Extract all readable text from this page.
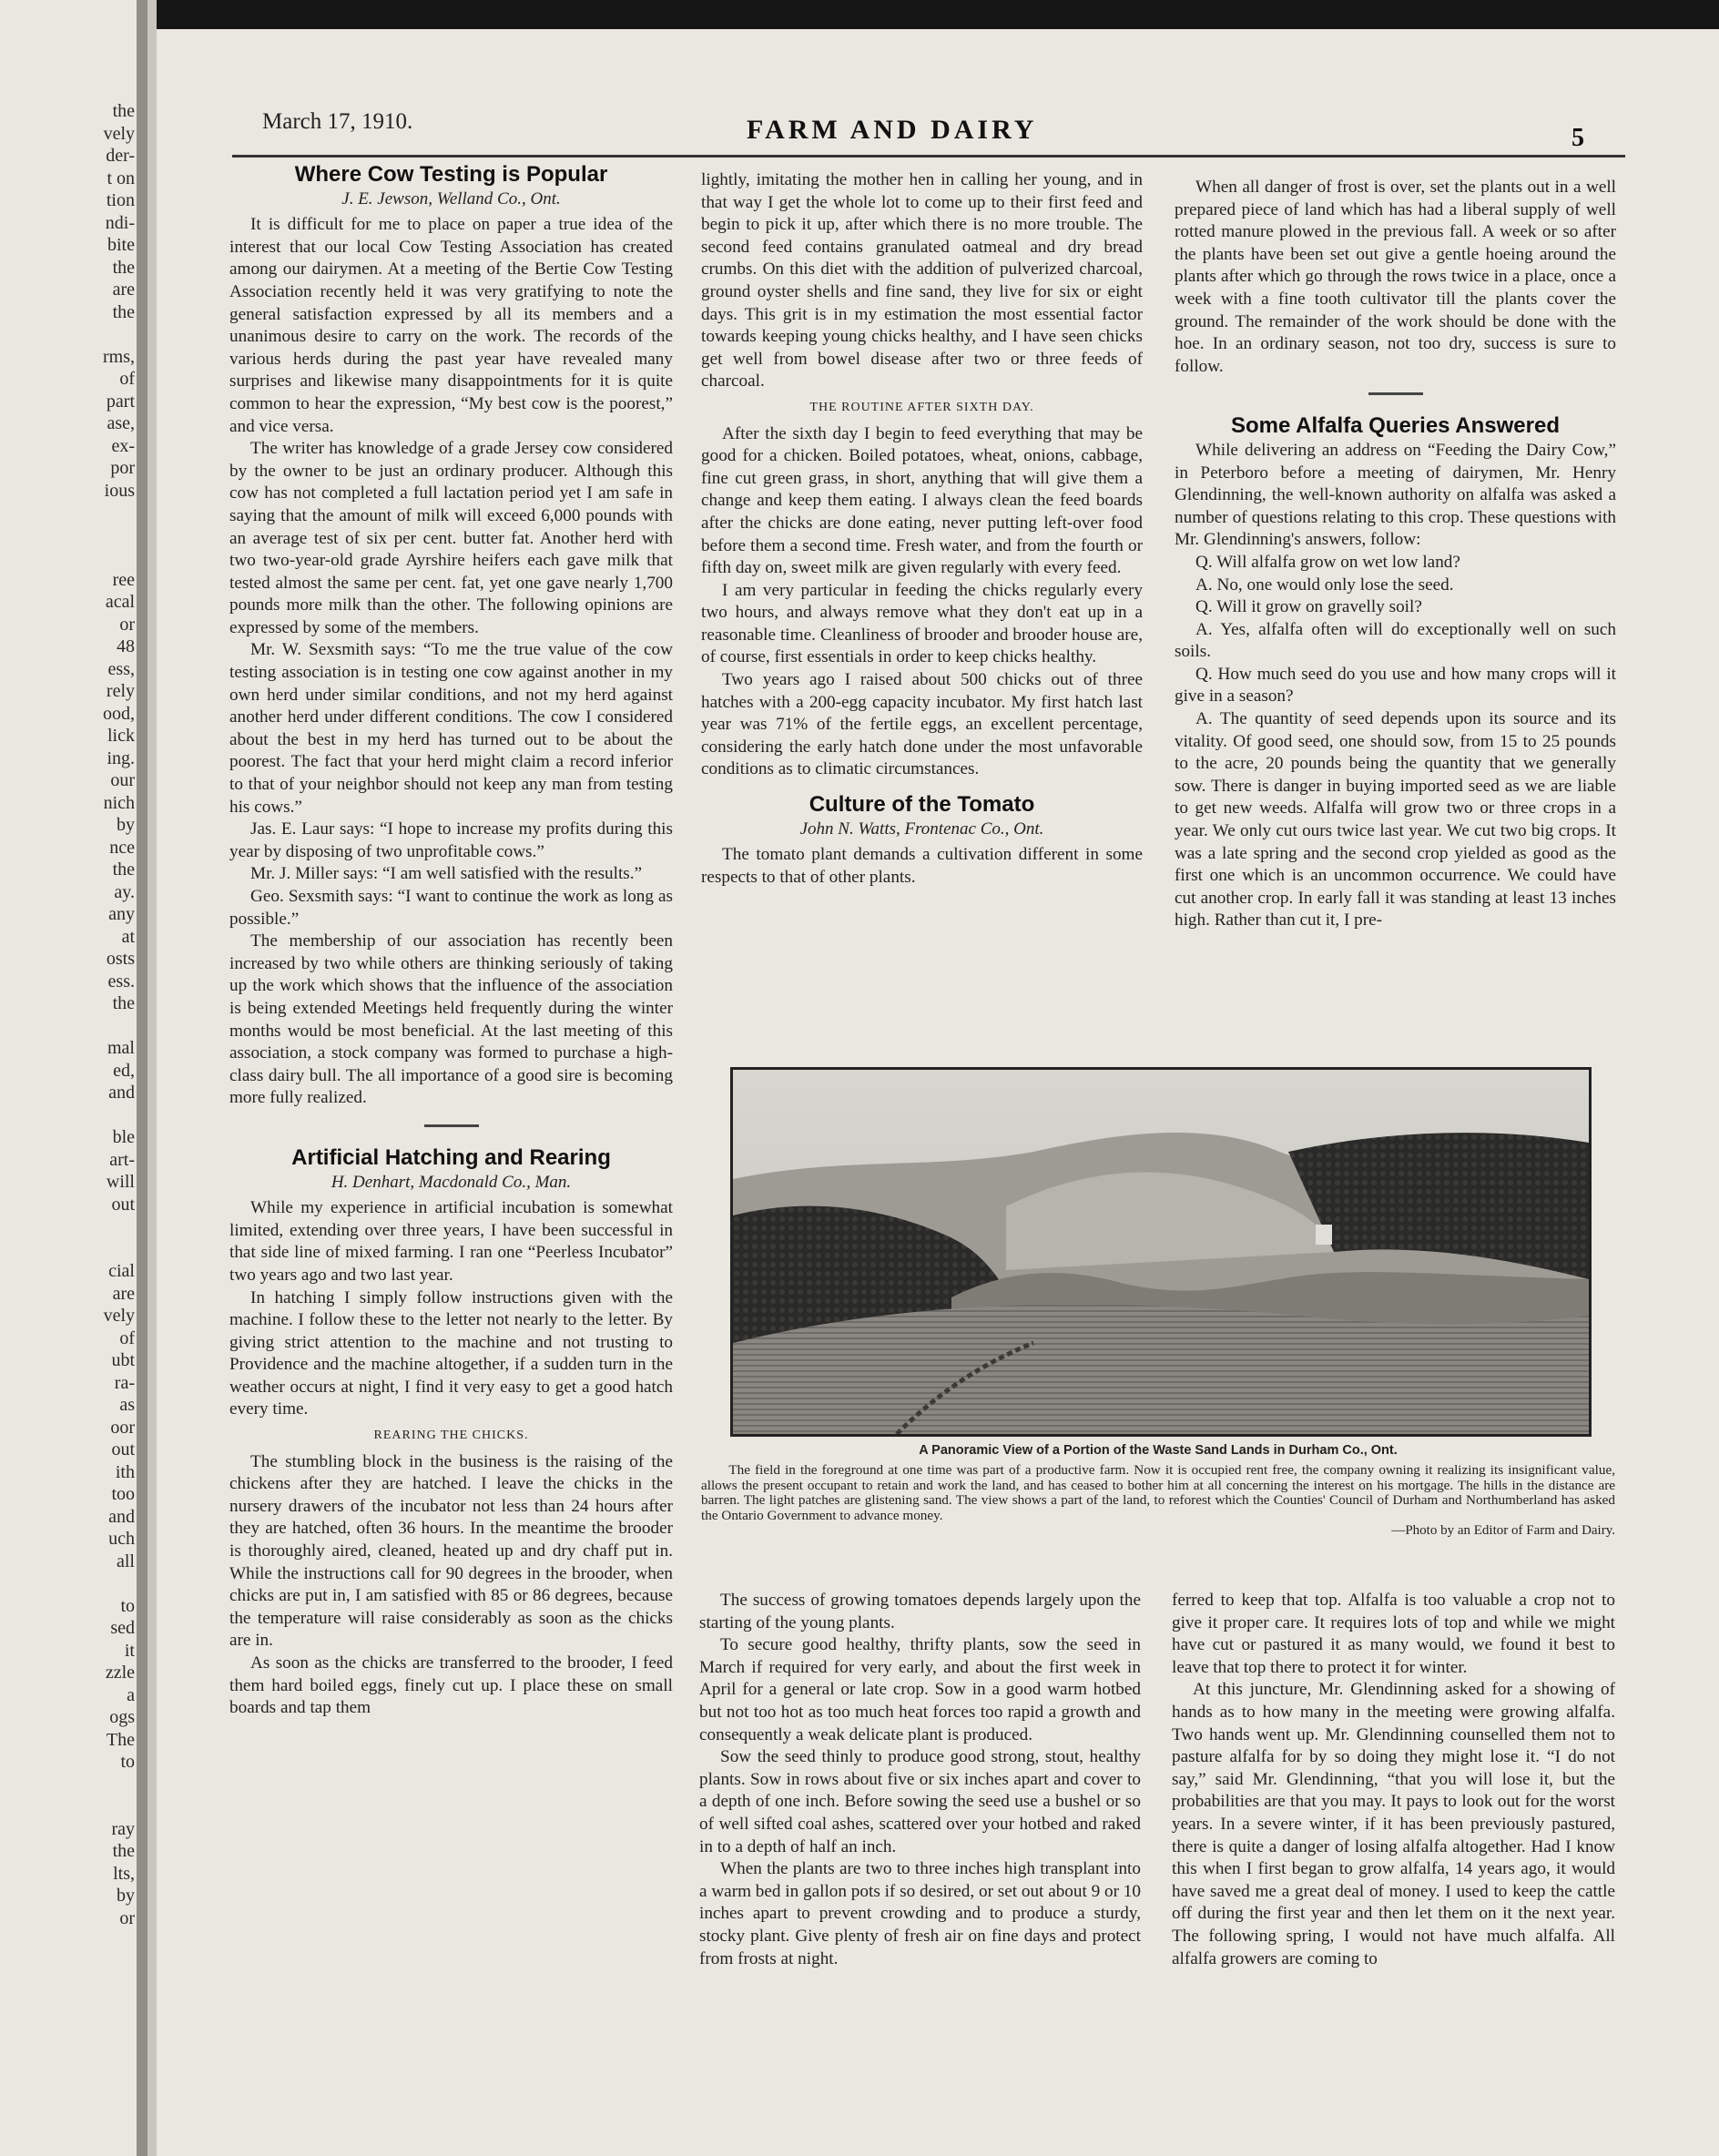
the
vely
der-
t on
tion
ndi-
bite
the
are
the
rms,
of
part
ase,
ex-
por
ious
ree
acal
or
48
ess,
rely
ood,
lick
ing.
our
nich
by
nce
the
ay.
any
at
osts
ess.
the
mal
ed,
and
ble
art-
will
out
cial
are
vely
of
ubt
ra-
as
oor
out
ith
too
and
uch
all
to
sed
it
zzle
a
ogs
The
to
ray
the
lts,
by
or
March 17, 1910.	FARM AND DAIRY	5
Where Cow Testing is Popular
J. E. Jewson, Welland Co., Ont.

It is difficult for me to place on paper a true idea of the interest that our local Cow Testing Association has created among our dairymen. At a meeting of the Bertie Cow Testing Association recently held it was very gratifying to note the general satisfaction expressed by all its members and a unanimous desire to carry on the work. The records of the various herds during the past year have revealed many surprises and likewise many disappointments for it is quite common to hear the expression, “My best cow is the poorest,” and vice versa.

The writer has knowledge of a grade Jersey cow considered by the owner to be just an ordinary producer. Although this cow has not completed a full lactation period yet I am safe in saying that the amount of milk will exceed 6,000 pounds with an average test of six per cent. butter fat. Another herd with two two-year-old grade Ayrshire heifers each gave milk that tested almost the same per cent. fat, yet one gave nearly 1,700 pounds more milk than the other. The following opinions are expressed by some of the members.

Mr. W. Sexsmith says: “To me the true value of the cow testing association is in testing one cow against another in my own herd under similar conditions, and not my herd against another herd under different conditions. The cow I considered about the best in my herd has turned out to be about the poorest. The fact that your herd might claim a record inferior to that of your neighbor should not keep any man from testing his cows.”

Jas. E. Laur says: “I hope to increase my profits during this year by disposing of two unprofitable cows.”

Mr. J. Miller says: “I am well satisfied with the results.”

Geo. Sexsmith says: “I want to continue the work as long as possible.”

The membership of our association has recently been increased by two while others are thinking seriously of taking up the work which shows that the influence of the association is being extended Meetings held frequently during the winter months would be most beneficial. At the last meeting of this association, a stock company was formed to purchase a high-class dairy bull. The all importance of a good sire is becoming more fully realized.

Artificial Hatching and Rearing
H. Denhart, Macdonald Co., Man.

While my experience in artificial incubation is somewhat limited, extending over three years, I have been successful in that side line of mixed farming. I ran one “Peerless Incubator” two years ago and two last year.

In hatching I simply follow instructions given with the machine. I follow these to the letter not nearly to the letter. By giving strict attention to the machine and not trusting to Providence and the machine altogether, if a sudden turn in the weather occurs at night, I find it very easy to get a good hatch every time.

REARING THE CHICKS.

The stumbling block in the business is the raising of the chickens after they are hatched. I leave the chicks in the nursery drawers of the incubator not less than 24 hours after they are hatched, often 36 hours. In the meantime the brooder is thoroughly aired, cleaned, heated up and dry chaff put in. While the instructions call for 90 degrees in the brooder, when chicks are put in, I am satisfied with 85 or 86 degrees, because the temperature will raise considerably as soon as the chicks are in.

As soon as the chicks are transferred to the brooder, I feed them hard boiled eggs, finely cut up. I place these on small boards and tap them

lightly, imitating the mother hen in calling her young, and in that way I get the whole lot to come up to their first feed and begin to pick it up, after which there is no more trouble. The second feed contains granulated oatmeal and dry bread crumbs. On this diet with the addition of pulverized charcoal, ground oyster shells and fine sand, they live for six or eight days. This grit is in my estimation the most essential factor towards keeping young chicks healthy, and I have seen chicks get well from bowel disease after two or three feeds of charcoal.

THE ROUTINE AFTER SIXTH DAY.

After the sixth day I begin to feed everything that may be good for a chicken. Boiled potatoes, wheat, onions, cabbage, fine cut green grass, in short, anything that will give them a change and keep them eating. I always clean the feed boards after the chicks are done eating, never putting left-over food before them a second time. Fresh water, and from the fourth or fifth day on, sweet milk are given regularly with every feed.

I am very particular in feeding the chicks regularly every two hours, and always remove what they don't eat up in a reasonable time. Cleanliness of brooder and brooder house are, of course, first essentials in order to keep chicks healthy.

Two years ago I raised about 500 chicks out of three hatches with a 200-egg capacity incubator. My first hatch last year was 71% of the fertile eggs, an excellent percentage, considering the early hatch done under the most unfavorable conditions as to climatic circumstances.

Culture of the Tomato
John N. Watts, Frontenac Co., Ont.

The tomato plant demands a cultivation different in some respects to that of other plants.

When all danger of frost is over, set the plants out in a well prepared piece of land which has had a liberal supply of well rotted manure plowed in the previous fall. A week or so after the plants have been set out give a gentle hoeing around the plants after which go through the rows twice in a place, once a week with a fine tooth cultivator till the plants cover the ground. The remainder of the work should be done with the hoe. In an ordinary season, not too dry, success is sure to follow.

Some Alfalfa Queries Answered

While delivering an address on “Feeding the Dairy Cow,” in Peterboro before a meeting of dairymen, Mr. Henry Glendinning, the well-known authority on alfalfa was asked a number of questions relating to this crop. These questions with Mr. Glendinning's answers, follow:

Q. Will alfalfa grow on wet low land?

A. No, one would only lose the seed.

Q. Will it grow on gravelly soil?

A. Yes, alfalfa often will do exceptionally well on such soils.

Q. How much seed do you use and how many crops will it give in a season?

A. The quantity of seed depends upon its source and its vitality. Of good seed, one should sow, from 15 to 25 pounds to the acre, 20 pounds being the quantity that we generally sow. There is danger in buying imported seed as we are liable to get new weeds. Alfalfa will grow two or three crops in a year. We only cut ours twice last year. We cut two big crops. It was a late spring and the second crop yielded as good as the first one which is an uncommon occurrence. We could have cut another crop. In early fall it was standing at least 13 inches high. Rather than cut it, I pre-

A Panoramic View of a Portion of the Waste Sand Lands in Durham Co., Ont.

The field in the foreground at one time was part of a productive farm. Now it is occupied rent free, the company owning it realizing its insignificant value, allows the present occupant to retain and work the land, and has ceased to bother him at all concerning the interest on his mortgage. The hills in the distance are barren. The light patches are glistening sand. The view shows a part of the land, to reforest which the Counties' Council of Durham and Northumberland has asked the Ontario Government to advance money.

—Photo by an Editor of Farm and Dairy.

The success of growing tomatoes depends largely upon the starting of the young plants.

To secure good healthy, thrifty plants, sow the seed in March if required for very early, and about the first week in April for a general or late crop. Sow in a good warm hotbed but not too hot as too much heat forces too rapid a growth and consequently a weak delicate plant is produced.

Sow the seed thinly to produce good strong, stout, healthy plants. Sow in rows about five or six inches apart and cover to a depth of one inch. Before sowing the seed use a bushel or so of well sifted coal ashes, scattered over your hotbed and raked in to a depth of half an inch.

When the plants are two to three inches high transplant into a warm bed in gallon pots if so desired, or set out about 9 or 10 inches apart to prevent crowding and to produce a sturdy, stocky plant. Give plenty of fresh air on fine days and protect from frosts at night.

ferred to keep that top. Alfalfa is too valuable a crop not to give it proper care. It requires lots of top and while we might have cut or pastured it as many would, we found it best to leave that top there to protect it for winter.

At this juncture, Mr. Glendinning asked for a showing of hands as to how many in the meeting were growing alfalfa. Two hands went up. Mr. Glendinning counselled them not to pasture alfalfa for by so doing they might lose it. “I do not say,” said Mr. Glendinning, “that you will lose it, but the probabilities are that you may. It pays to look out for the worst years. In a severe winter, if it has been previously pastured, there is quite a danger of losing alfalfa altogether. Had I know this when I first began to grow alfalfa, 14 years ago, it would have saved me a great deal of money. I used to keep the cattle off during the first year and then let them on it the next year. The following spring, I would not have much alfalfa. All alfalfa growers are coming to
